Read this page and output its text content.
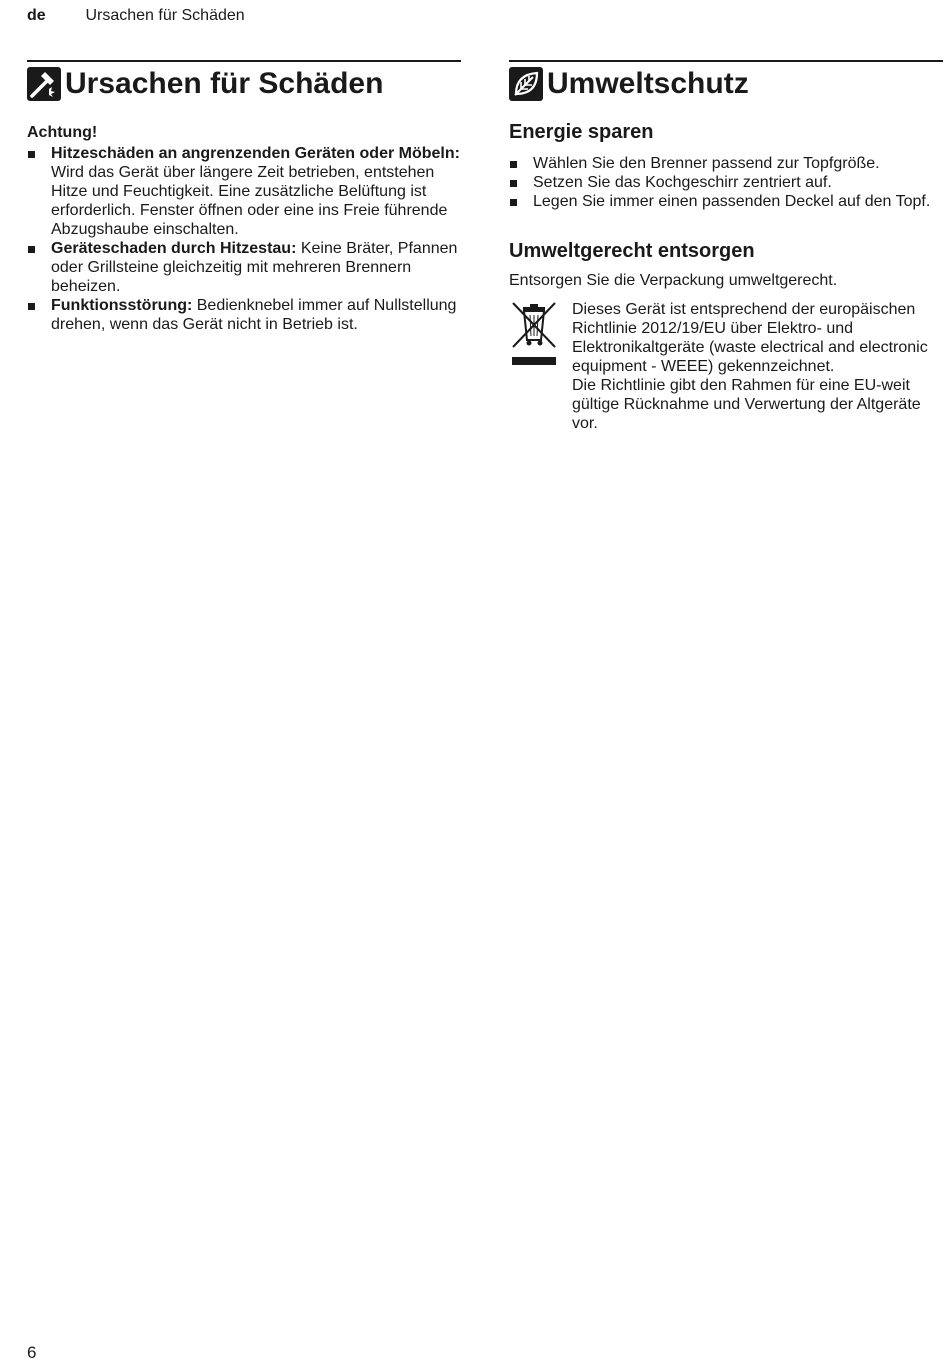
de Ursachen für Schäden
Ursachen für Schäden
Achtung!
Hitzeschäden an angrenzenden Geräten oder Möbeln: Wird das Gerät über längere Zeit betrieben, entstehen Hitze und Feuchtigkeit. Eine zusätzliche Belüftung ist erforderlich. Fenster öffnen oder eine ins Freie führende Abzugshaube einschalten.
Geräteschaden durch Hitzestau: Keine Bräter, Pfannen oder Grillsteine gleichzeitig mit mehreren Brennern beheizen.
Funktionsstörung: Bedienknebel immer auf Nullstellung drehen, wenn das Gerät nicht in Betrieb ist.
Umweltschutz
Energie sparen
Wählen Sie den Brenner passend zur Topfgröße.
Setzen Sie das Kochgeschirr zentriert auf.
Legen Sie immer einen passenden Deckel auf den Topf.
Umweltgerecht entsorgen

Entsorgen Sie die Verpackung umweltgerecht.

Dieses Gerät ist entsprechend der europäischen Richtlinie 2012/19/EU über Elektro- und Elektronikaltgeräte (waste electrical and electronic equipment - WEEE) gekennzeichnet.

Die Richtlinie gibt den Rahmen für eine EU-weit gültige Rücknahme und Verwertung der Altgeräte vor.

6
